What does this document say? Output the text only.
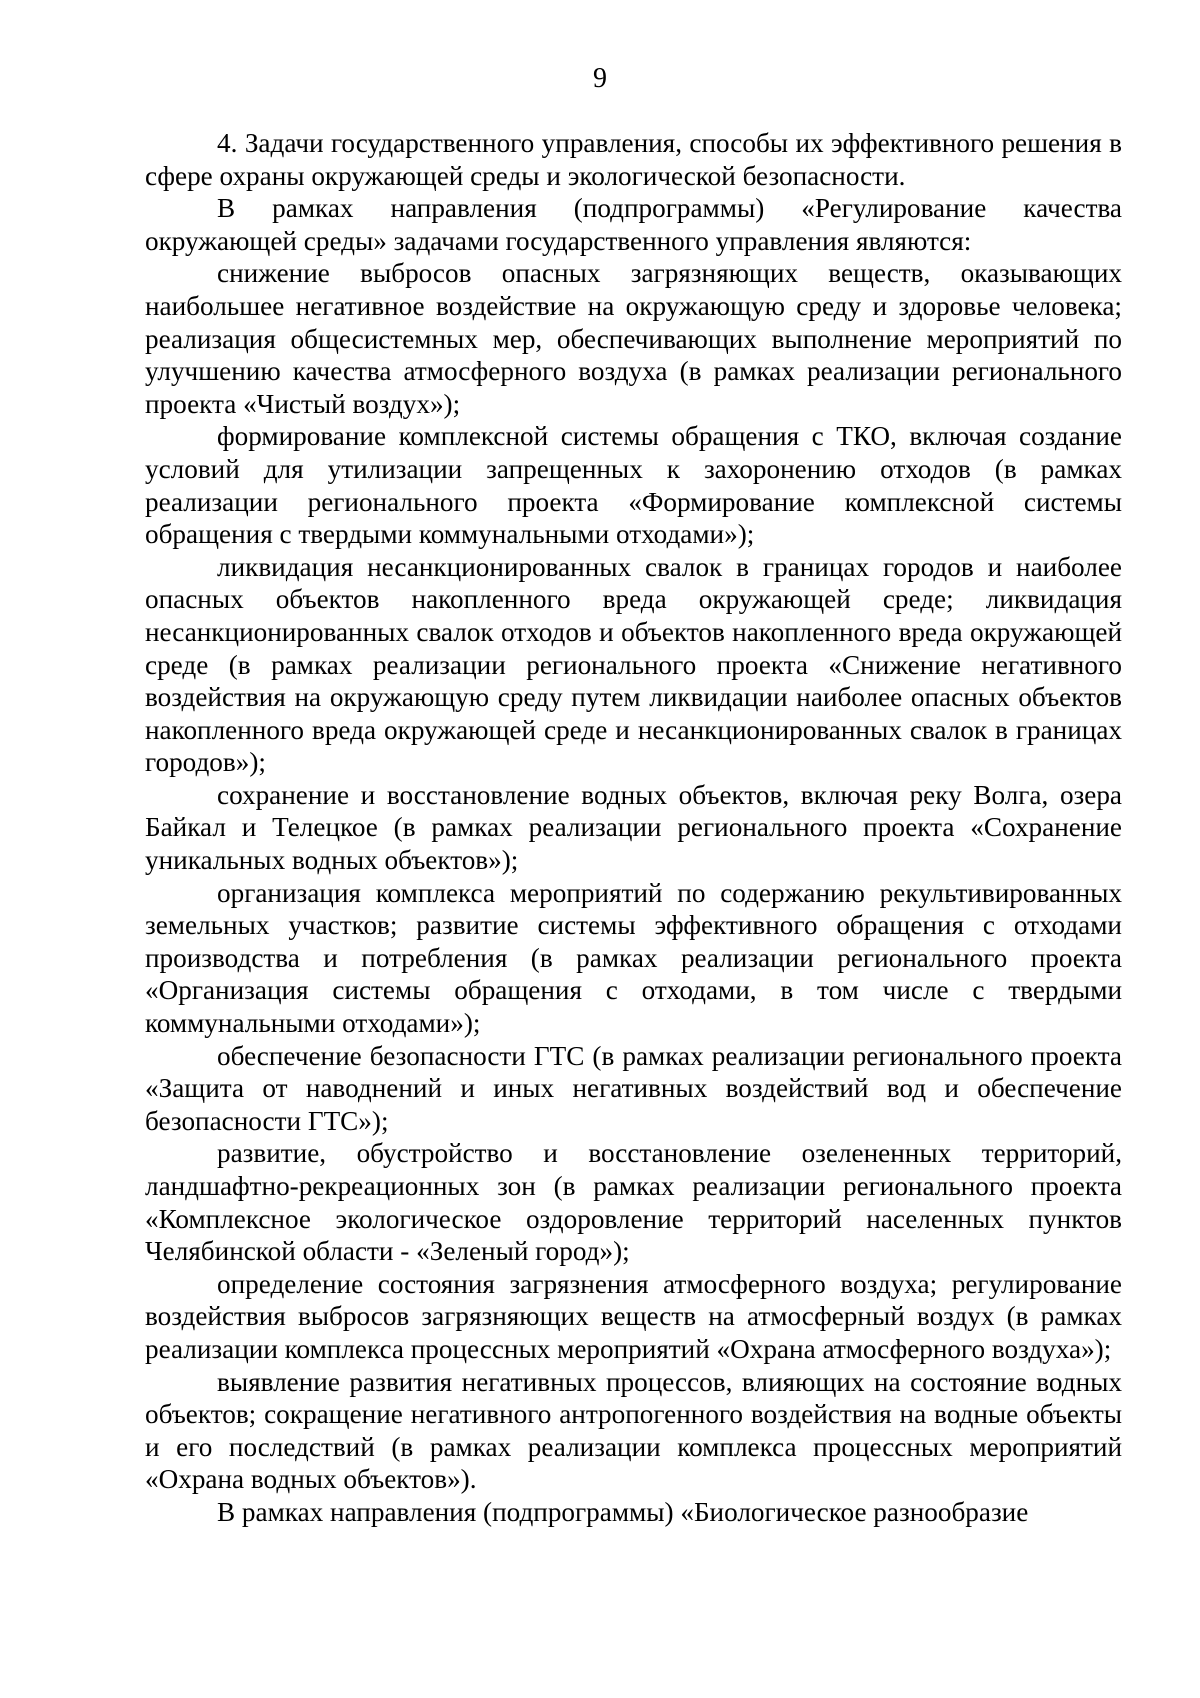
9

4. Задачи государственного управления, способы их эффективного решения в сфере охраны окружающей среды и экологической безопасности.

В рамках направления (подпрограммы) «Регулирование качества окружающей среды» задачами государственного управления являются:

снижение выбросов опасных загрязняющих веществ, оказывающих наибольшее негативное воздействие на окружающую среду и здоровье человека; реализация общесистемных мер, обеспечивающих выполнение мероприятий по улучшению качества атмосферного воздуха (в рамках реализации регионального проекта «Чистый воздух»);

формирование комплексной системы обращения с ТКО, включая создание условий для утилизации запрещенных к захоронению отходов (в рамках реализации регионального проекта «Формирование комплексной системы обращения с твердыми коммунальными отходами»);

ликвидация несанкционированных свалок в границах городов и наиболее опасных объектов накопленного вреда окружающей среде; ликвидация несанкционированных свалок отходов и объектов накопленного вреда окружающей среде (в рамках реализации регионального проекта «Снижение негативного воздействия на окружающую среду путем ликвидации наиболее опасных объектов накопленного вреда окружающей среде и несанкционированных свалок в границах городов»);

сохранение и восстановление водных объектов, включая реку Волга, озера Байкал и Телецкое (в рамках реализации регионального проекта «Сохранение уникальных водных объектов»);

организация комплекса мероприятий по содержанию рекультивированных земельных участков; развитие системы эффективного обращения с отходами производства и потребления (в рамках реализации регионального проекта «Организация системы обращения с отходами, в том числе с твердыми коммунальными отходами»);

обеспечение безопасности ГТС (в рамках реализации регионального проекта «Защита от наводнений и иных негативных воздействий вод и обеспечение безопасности ГТС»);

развитие, обустройство и восстановление озелененных территорий, ландшафтно-рекреационных зон (в рамках реализации регионального проекта «Комплексное экологическое оздоровление территорий населенных пунктов Челябинской области - «Зеленый город»);

определение состояния загрязнения атмосферного воздуха; регулирование воздействия выбросов загрязняющих веществ на атмосферный воздух (в рамках реализации комплекса процессных мероприятий «Охрана атмосферного воздуха»);

выявление развития негативных процессов, влияющих на состояние водных объектов; сокращение негативного антропогенного воздействия на водные объекты и его последствий (в рамках реализации комплекса процессных мероприятий «Охрана водных объектов»).

В рамках направления (подпрограммы) «Биологическое разнообразие
